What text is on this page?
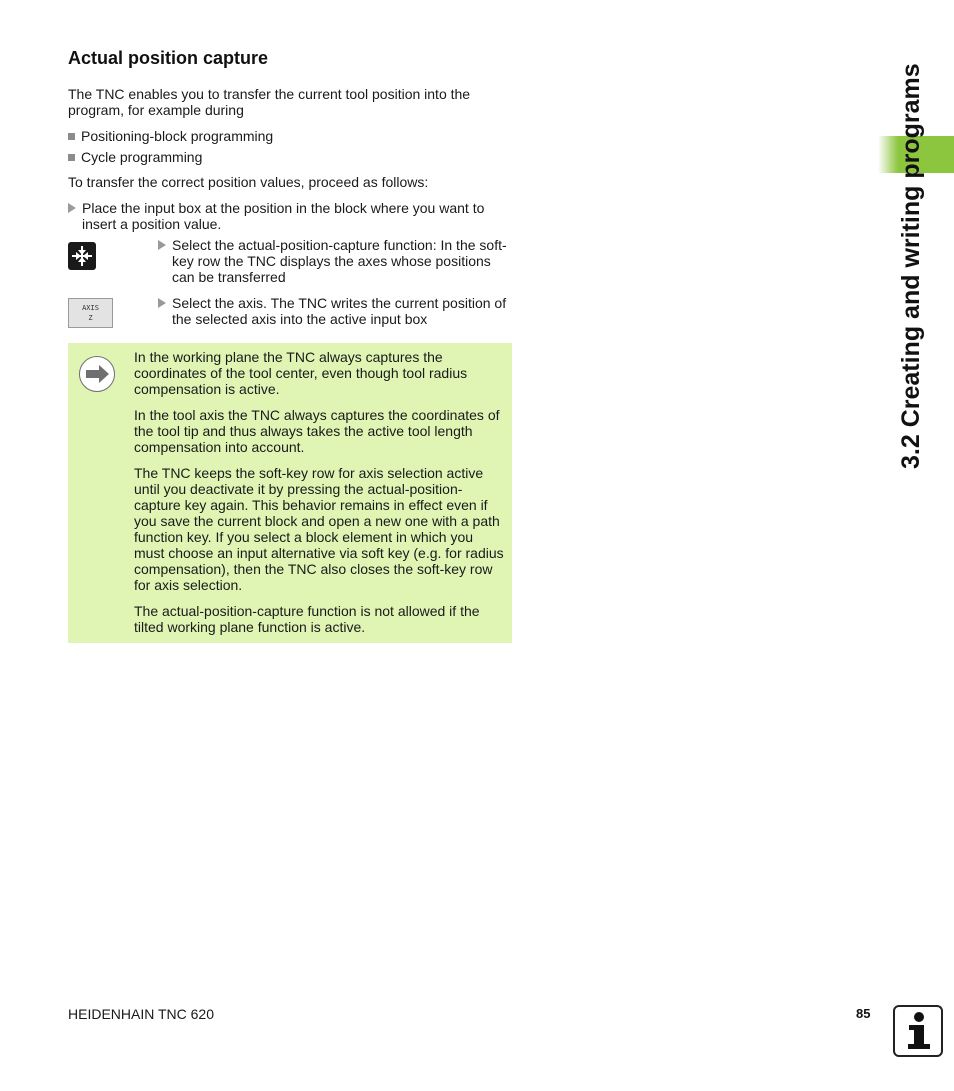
Actual position capture
The TNC enables you to transfer the current tool position into the program, for example during
Positioning-block programming
Cycle programming
To transfer the correct position values, proceed as follows:
Place the input box at the position in the block where you want to insert a position value.
Select the actual-position-capture function: In the soft-key row the TNC displays the axes whose positions can be transferred
AXIS
Z
Select the axis. The TNC writes the current position of the selected axis into the active input box
In the working plane the TNC always captures the coordinates of the tool center, even though tool radius compensation is active.
In the tool axis the TNC always captures the coordinates of the tool tip and thus always takes the active tool length compensation into account.
The TNC keeps the soft-key row for axis selection active until you deactivate it by pressing the actual-position-capture key again. This behavior remains in effect even if you save the current block and open a new one with a path function key. If you select a block element in which you must choose an input alternative via soft key (e.g. for radius compensation), then the TNC also closes the soft-key row for axis selection.
The actual-position-capture function is not allowed if the tilted working plane function is active.
3.2 Creating and writing programs
HEIDENHAIN TNC 620	85
